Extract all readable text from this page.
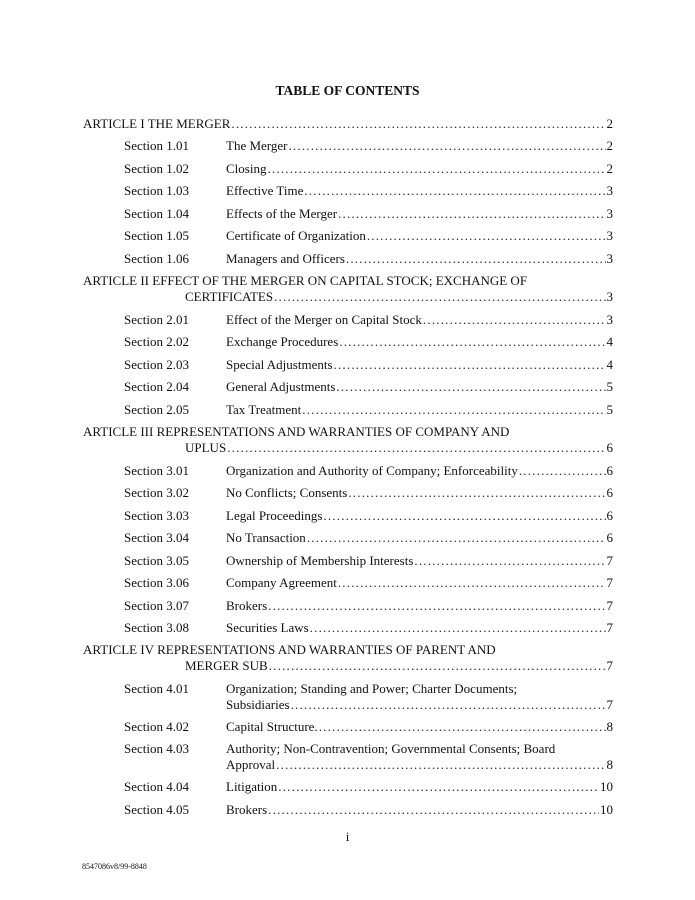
TABLE OF CONTENTS
ARTICLE I THE MERGER .....	2
Section 1.01	The Merger .....	2
Section 1.02	Closing .....	2
Section 1.03	Effective Time .....	3
Section 1.04	Effects of the Merger .....	3
Section 1.05	Certificate of Organization .....	3
Section 1.06	Managers and Officers .....	3
ARTICLE II EFFECT OF THE MERGER ON CAPITAL STOCK; EXCHANGE OF
CERTIFICATES .....	3
Section 2.01	Effect of the Merger on Capital Stock .....	3
Section 2.02	Exchange Procedures .....	4
Section 2.03	Special Adjustments .....	4
Section 2.04	General Adjustments .....	5
Section 2.05	Tax Treatment .....	5
ARTICLE III REPRESENTATIONS AND WARRANTIES OF COMPANY AND
UPLUS .....	6
Section 3.01	Organization and Authority of Company; Enforceability .....	6
Section 3.02	No Conflicts; Consents .....	6
Section 3.03	Legal Proceedings .....	6
Section 3.04	No Transaction .....	6
Section 3.05	Ownership of Membership Interests .....	7
Section 3.06	Company Agreement .....	7
Section 3.07	Brokers .....	7
Section 3.08	Securities Laws .....	7
ARTICLE IV REPRESENTATIONS AND WARRANTIES OF PARENT AND
MERGER SUB .....	7
Section 4.01	Organization; Standing and Power; Charter Documents;
Subsidiaries .....	7
Section 4.02	Capital Structure. .....	8
Section 4.03	Authority; Non-Contravention; Governmental Consents; Board
Approval .....	8
Section 4.04	Litigation .....	10
Section 4.05	Brokers .....	10
i
8547086v8/99-8848
